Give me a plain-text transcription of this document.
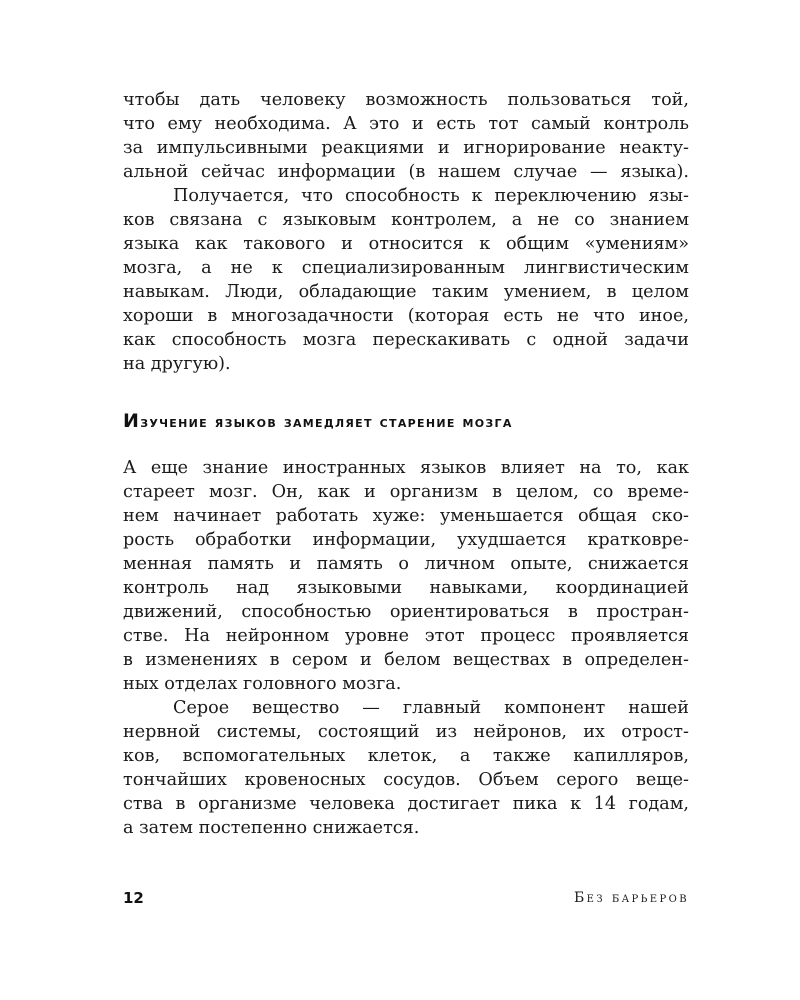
чтобы дать человеку возможность пользоваться той,
что ему необходима. А это и есть тот самый контроль
за импульсивными реакциями и игнорирование неакту-
альной сейчас информации (в нашем случае — языка).
Получается, что способность к переключению язы-
ков связана с языковым контролем, а не со знанием
языка как такового и относится к общим «умениям»
мозга, а не к специализированным лингвистическим
навыкам. Люди, обладающие таким умением, в целом
хороши в многозадачности (которая есть не что иное,
как способность мозга перескакивать с одной задачи
на другую).
Изучение языков замедляет старение мозга
А еще знание иностранных языков влияет на то, как
стареет мозг. Он, как и организм в целом, со време-
нем начинает работать хуже: уменьшается общая ско-
рость обработки информации, ухудшается кратковре-
менная память и память о личном опыте, снижается
контроль над языковыми навыками, координацией
движений, способностью ориентироваться в простран-
стве. На нейронном уровне этот процесс проявляется
в изменениях в сером и белом веществах в определен-
ных отделах головного мозга.
Серое вещество — главный компонент нашей
нервной системы, состоящий из нейронов, их отрост-
ков, вспомогательных клеток, а также капилляров,
тончайших кровеносных сосудов. Объем серого веще-
ства в организме человека достигает пика к 14 годам,
а затем постепенно снижается.
12	Без барьеров
